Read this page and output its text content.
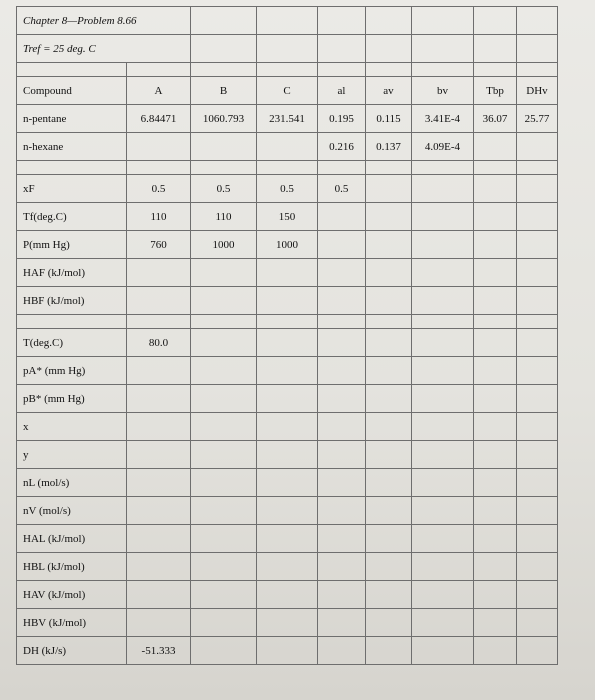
Chapter 8—Problem 8.66								
Tref = 25 deg. C								

Compound	A	B	C	al	av	bv	Tbp	DHv
n-pentane	6.84471	1060.793	231.541	0.195	0.115	3.41E-4	36.07	25.77
n-hexane				0.216	0.137	4.09E-4		

xF	0.5	0.5	0.5	0.5				
Tf(deg.C)	110	110	150					
P(mm Hg)	760	1000	1000					
HAF (kJ/mol)								
HBF (kJ/mol)								

T(deg.C)	80.0							
pA* (mm Hg)								
pB* (mm Hg)								
x								
y								
nL (mol/s)								
nV (mol/s)								
HAL (kJ/mol)								
HBL (kJ/mol)								
HAV (kJ/mol)								
HBV (kJ/mol)								
DH (kJ/s)	-51.333							
